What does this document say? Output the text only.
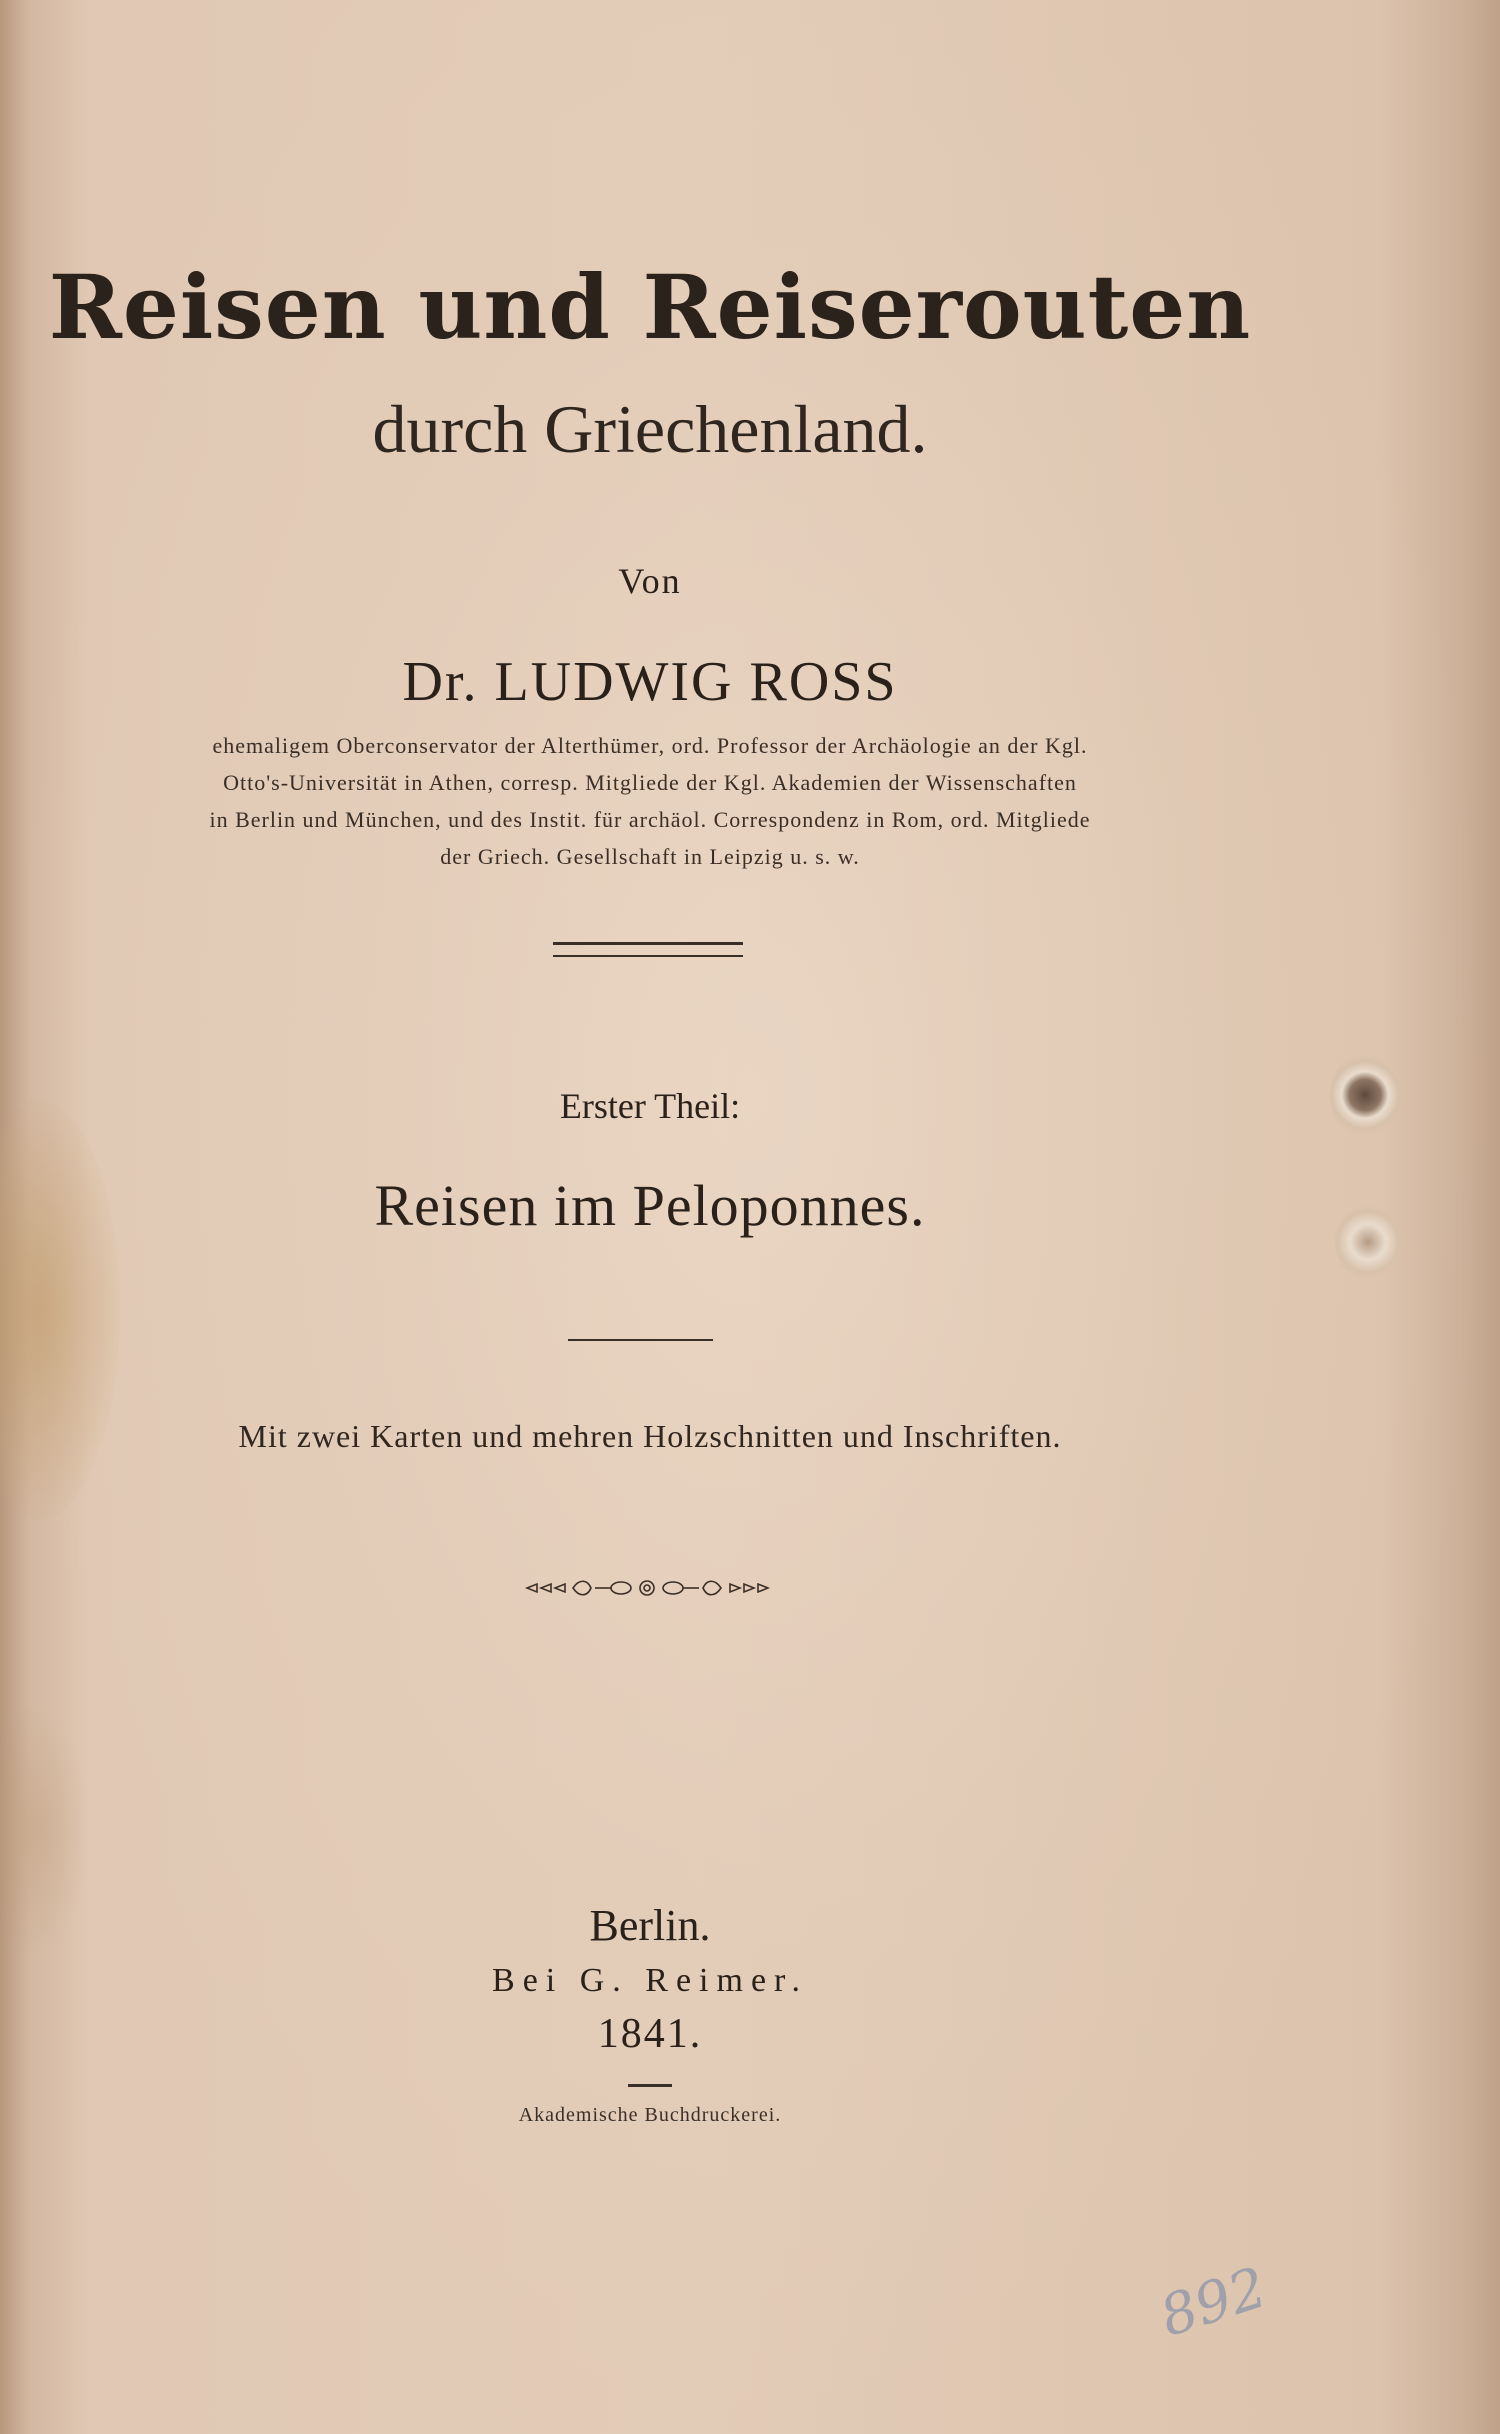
Reisen und Reiserouten
durch Griechenland.
Von
Dr. LUDWIG ROSS
ehemaligem Oberconservator der Alterthümer, ord. Professor der Archäologie an der Kgl.
Otto's-Universität in Athen, corresp. Mitgliede der Kgl. Akademien der Wissenschaften
in Berlin und München, und des Instit. für archäol. Correspondenz in Rom, ord. Mitgliede
der Griech. Gesellschaft in Leipzig u. s. w.
Erster Theil:
Reisen im Peloponnes.
Mit zwei Karten und mehren Holzschnitten und Inschriften.
Berlin.
Bei G. Reimer.
1841.
Akademische Buchdruckerei.
892
